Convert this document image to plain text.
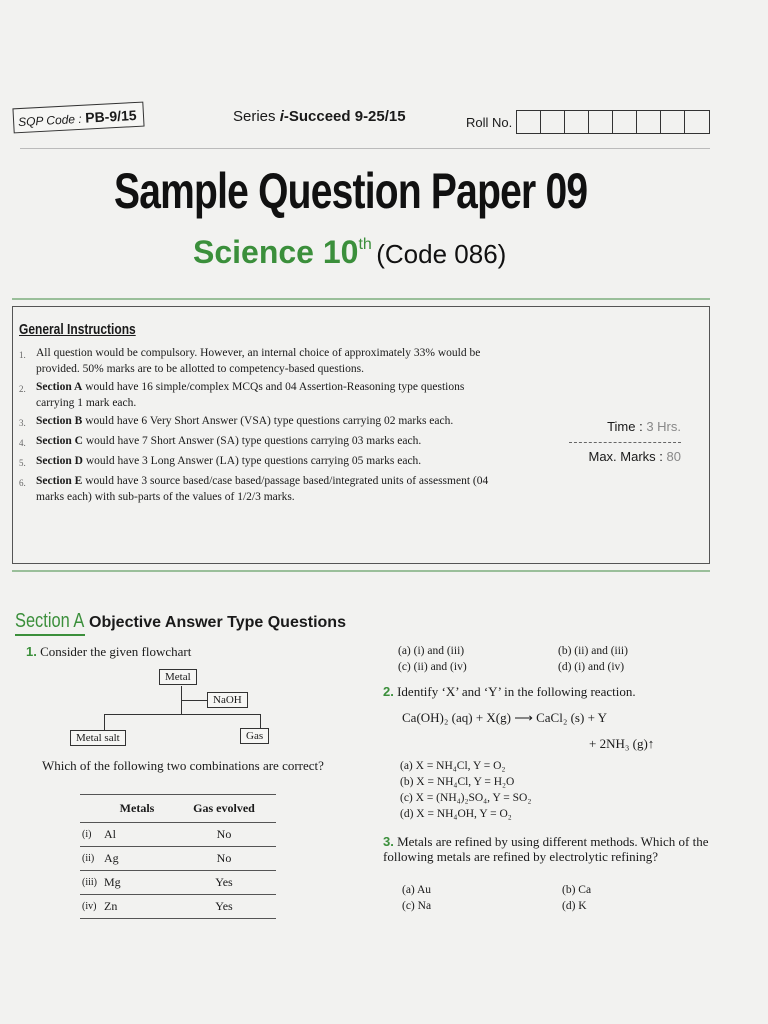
SQP Code : PB-9/15	Series i-Succeed 9-25/15	Roll No.
Sample Question Paper 09
Science 10th (Code 086)
General Instructions
1. All question would be compulsory. However, an internal choice of approximately 33% would be provided. 50% marks are to be allotted to competency-based questions.
2. Section A would have 16 simple/complex MCQs and 04 Assertion-Reasoning type questions carrying 1 mark each.
3. Section B would have 6 Very Short Answer (VSA) type questions carrying 02 marks each.
4. Section C would have 7 Short Answer (SA) type questions carrying 03 marks each.
5. Section D would have 3 Long Answer (LA) type questions carrying 05 marks each.
6. Section E would have 3 source based/case based/passage based/integrated units of assessment (04 marks each) with sub-parts of the values of 1/2/3 marks.
Time : 3 Hrs.
Max. Marks : 80
Section A Objective Answer Type Questions
1. Consider the given flowchart
Metal
NaOH
Metal salt	Gas
Which of the following two combinations are correct?
	Metals	Gas evolved
(i)	Al	No
(ii)	Ag	No
(iii)	Mg	Yes
(iv)	Zn	Yes
(a) (i) and (iii)	(b) (ii) and (iii)
(c) (ii) and (iv)	(d) (i) and (iv)
2. Identify ‘X’ and ‘Y’ in the following reaction.
Ca(OH)₂ (aq) + X(g) ⟶ CaCl₂ (s) + Y
+ 2NH₃ (g)↑
(a) X = NH₄Cl, Y = O₂
(b) X = NH₄Cl, Y = H₂O
(c) X = (NH₄)₂SO₄, Y = SO₂
(d) X = NH₄OH, Y = O₂
3. Metals are refined by using different methods. Which of the following metals are refined by electrolytic refining?
(a) Au	(b) Ca
(c) Na	(d) K
